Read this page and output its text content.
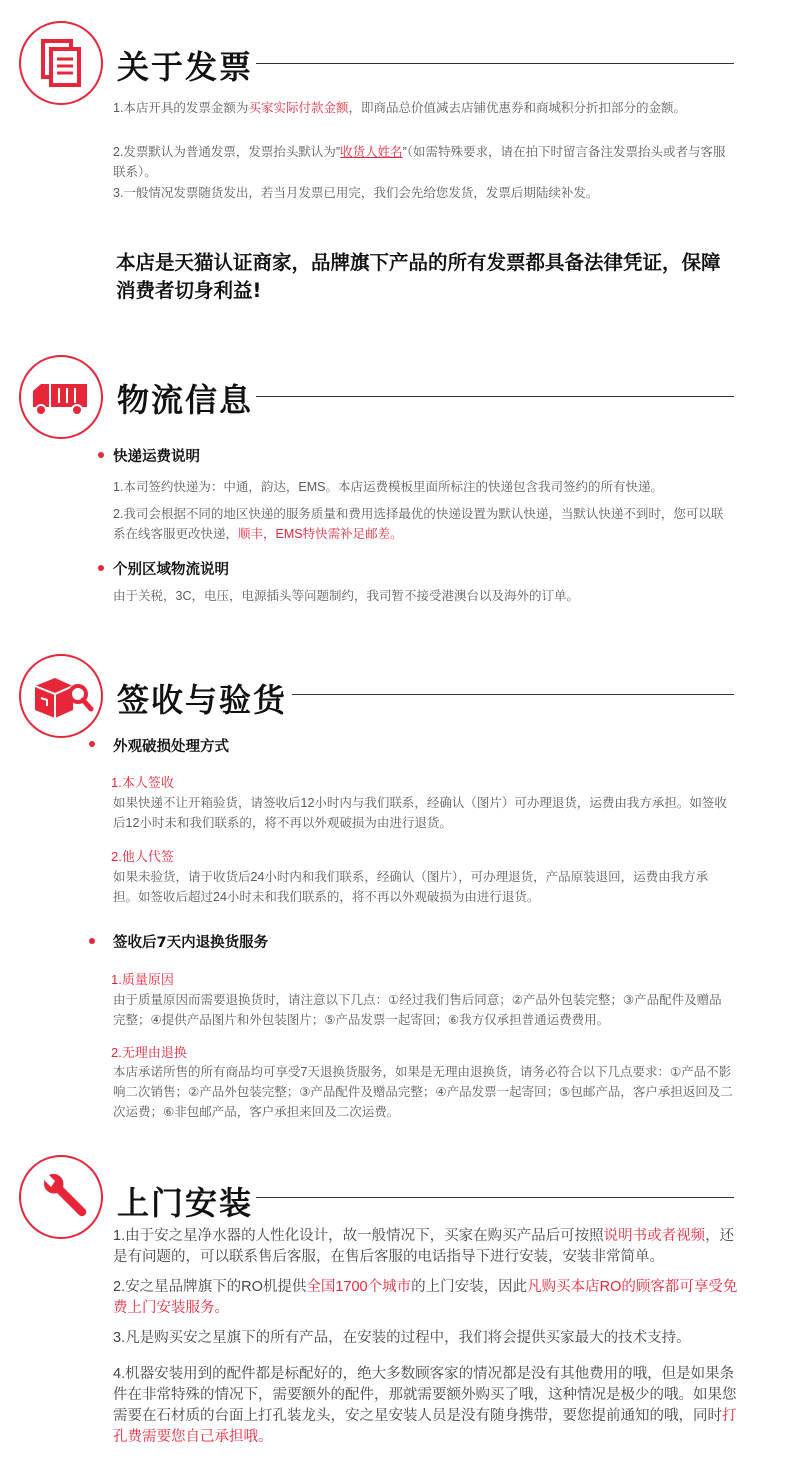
关于发票
1.本店开具的发票金额为买家实际付款金额，即商品总价值减去店铺优惠券和商城积分折扣部分的金额。
2.发票默认为普通发票，发票抬头默认为”收货人姓名”（如需特殊要求，请在拍下时留言备注发票抬头或者与客服联系）。
3.一般情况发票随货发出，若当月发票已用完，我们会先给您发货，发票后期陆续补发。
本店是天猫认证商家，品牌旗下产品的所有发票都具备法律凭证，保障消费者切身利益!
物流信息
快递运费说明
1.本司签约快递为：中通，韵达，EMS。本店运费模板里面所标注的快递包含我司签约的所有快递。
2.我司会根据不同的地区快递的服务质量和费用选择最优的快递设置为默认快递，当默认快递不到时，您可以联系在线客服更改快递，顺丰，EMS特快需补足邮差。
个别区域物流说明
由于关税，3C，电压，电源插头等问题制约，我司暂不接受港澳台以及海外的订单。
签收与验货
外观破损处理方式
1.本人签收
如果快递不让开箱验货，请签收后12小时内与我们联系，经确认（图片）可办理退货，运费由我方承担。如签收后12小时未和我们联系的，将不再以外观破损为由进行退货。
2.他人代签
如果未验货，请于收货后24小时内和我们联系，经确认（图片），可办理退货，产品原装退回，运费由我方承担。如签收后超过24小时未和我们联系的，将不再以外观破损为由进行退货。
签收后7天内退换货服务
1.质量原因
由于质量原因而需要退换货时，请注意以下几点：①经过我们售后同意；②产品外包装完整；③产品配件及赠品完整；④提供产品图片和外包装图片；⑤产品发票一起寄回；⑥我方仅承担普通运费费用。
2.无理由退换
本店承诺所售的所有商品均可享受7天退换货服务，如果是无理由退换货，请务必符合以下几点要求：①产品不影响二次销售；②产品外包装完整；③产品配件及赠品完整；④产品发票一起寄回；⑤包邮产品，客户承担返回及二次运费；⑥非包邮产品，客户承担来回及二次运费。
上门安装
1.由于安之星净水器的人性化设计，故一般情况下，买家在购买产品后可按照说明书或者视频，还是有问题的，可以联系售后客服，在售后客服的电话指导下进行安装，安装非常简单。
2.安之星品牌旗下的RO机提供全国1700个城市的上门安装，因此凡购买本店RO的顾客都可享受免费上门安装服务。
3.凡是购买安之星旗下的所有产品，在安装的过程中，我们将会提供买家最大的技术支持。
4.机器安装用到的配件都是标配好的，绝大多数顾客家的情况都是没有其他费用的哦，但是如果条件在非常特殊的情况下，需要额外的配件，那就需要额外购买了哦，这种情况是极少的哦。如果您需要在石材质的台面上打孔装龙头，安之星安装人员是没有随身携带，要您提前通知的哦，同时打孔费需要您自己承担哦。
